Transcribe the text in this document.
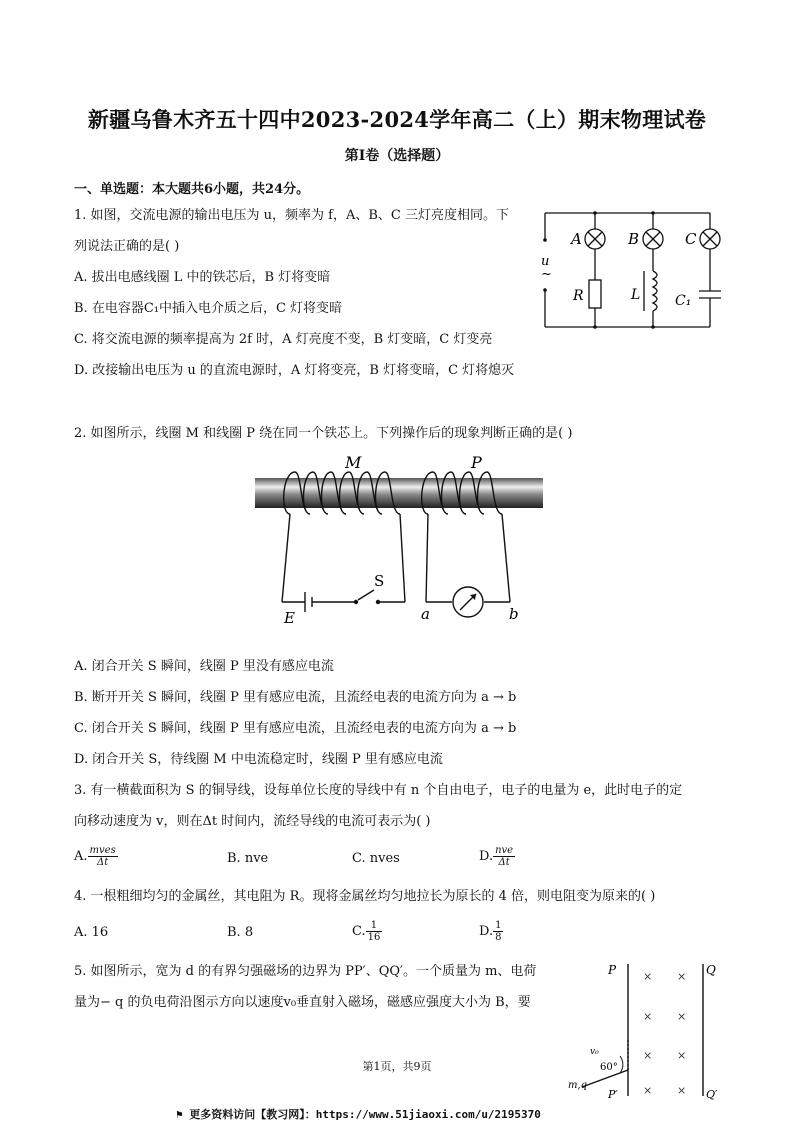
新疆乌鲁木齐五十四中2023-2024学年高二（上）期末物理试卷
第I卷（选择题）
一、单选题：本大题共6小题，共24分。
1. 如图，交流电源的输出电压为 u，频率为 f，A、B、C 三灯亮度相同。下
列说法正确的是( )
A. 拔出电感线圈 L 中的铁芯后，B 灯将变暗
B. 在电容器C₁中插入电介质之后，C 灯将变暗
C. 将交流电源的频率提高为 2f 时，A 灯亮度不变，B 灯变暗，C 灯变亮
D. 改接输出电压为 u 的直流电源时，A 灯将变亮，B 灯将变暗，C 灯将熄灭
A	B	C
R	L C₁
u
~
2. 如图所示，线圈 M 和线圈 P 绕在同一个铁芯上。下列操作后的现象判断正确的是( )
M	P
S
E	a	b
A. 闭合开关 S 瞬间，线圈 P 里没有感应电流
B. 断开开关 S 瞬间，线圈 P 里有感应电流，且流经电表的电流方向为 a → b
C. 闭合开关 S 瞬间，线圈 P 里有感应电流，且流经电表的电流方向为 a → b
D. 闭合开关 S，待线圈 M 中电流稳定时，线圈 P 里有感应电流
3. 有一横截面积为 S 的铜导线，设每单位长度的导线中有 n 个自由电子，电子的电量为 e，此时电子的定
向移动速度为 v，则在Δt 时间内，流经导线的电流可表示为( )
A. $\frac{\text{mves}}{\Delta t}$	B. nve	C. nves	D. $\frac{\text{nve}}{\Delta t}$
4. 一根粗细均匀的金属丝，其电阻为 R。现将金属丝均匀地拉长为原长的 4 倍，则电阻变为原来的( )
A. 16	B. 8	C. $\frac{1}{16}$	D. $\frac{1}{8}$
5. 如图所示，宽为 d 的有界匀强磁场的边界为 PP′、QQ′。一个质量为 m、电荷
量为− q 的负电荷沿图示方向以速度v₀垂直射入磁场，磁感应强度大小为 B，要
× ×
× ×
× ×
× ×
P	Q
P′	Q′
v₀
60°
m,q
第1页，共9页
⚑ 更多资料访问【教习网】：https://www.51jiaoxi.com/u/2195370
